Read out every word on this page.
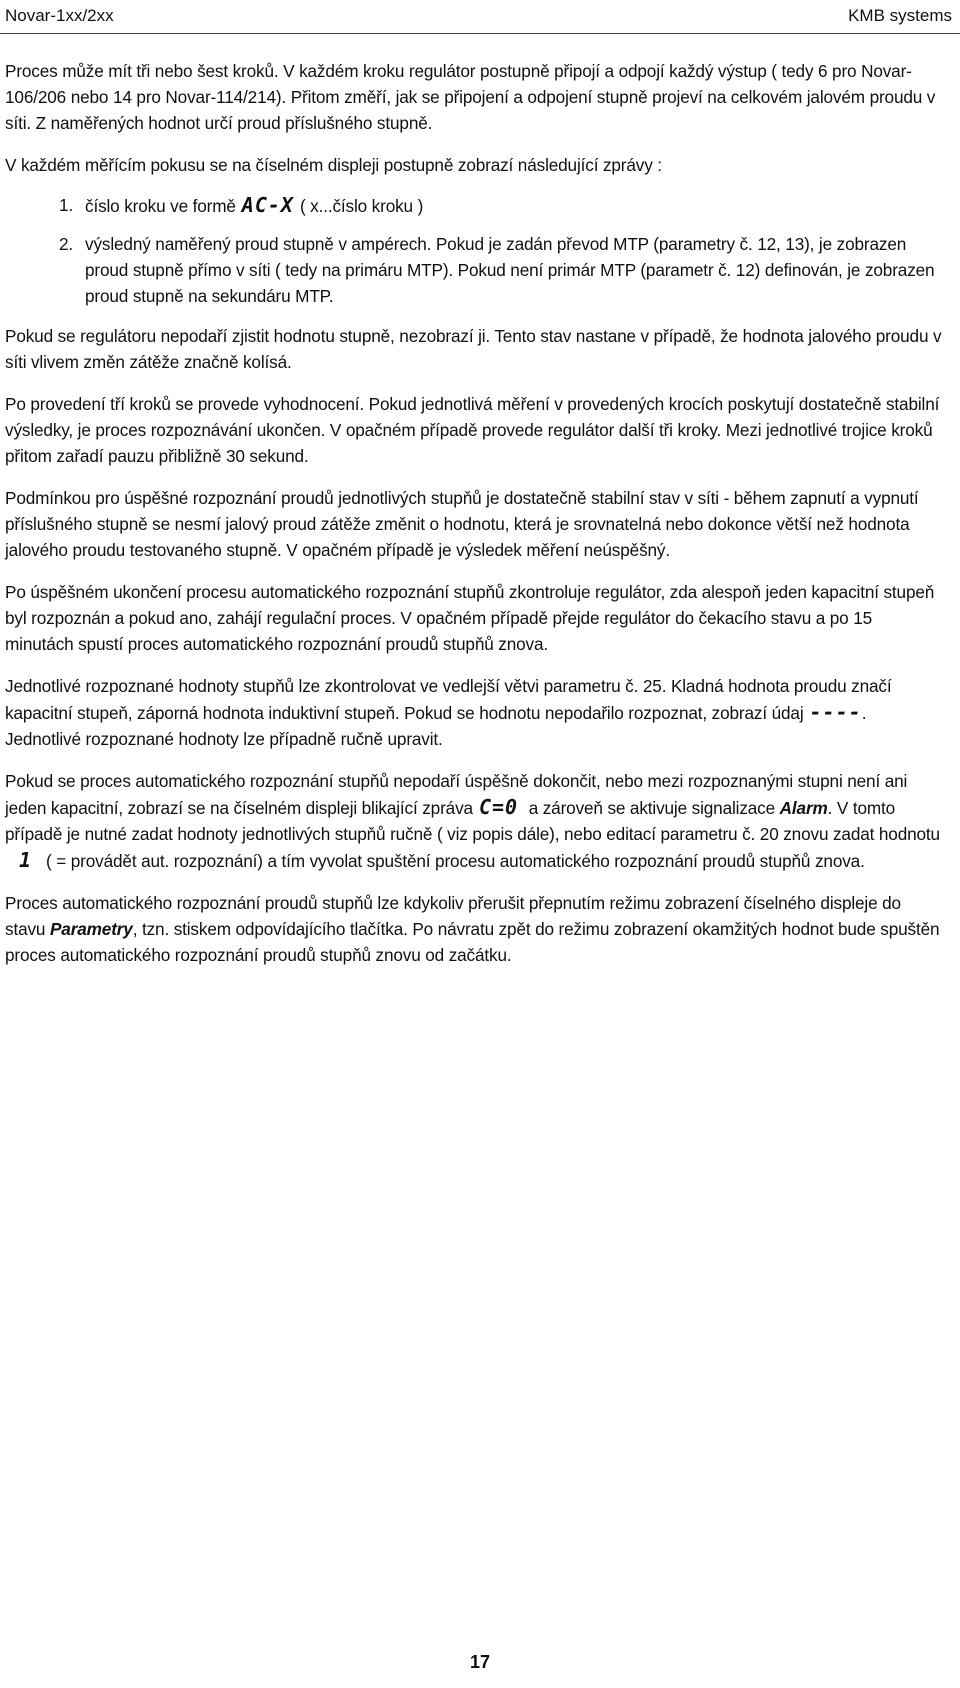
Novar-1xx/2xx	KMB systems

Proces může mít tři nebo šest kroků. V každém kroku regulátor postupně připojí a odpojí každý výstup ( tedy 6 pro Novar-106/206 nebo 14 pro Novar-114/214). Přitom změří, jak se připojení a odpojení stupně projeví na celkovém jalovém proudu v síti. Z naměřených hodnot určí proud příslušného stupně.

V každém měřícím pokusu se na číselném displeji postupně zobrazí následující zprávy :

1. číslo kroku ve formě AC-X ( x...číslo kroku )
2. výsledný naměřený proud stupně v ampérech. Pokud je zadán převod MTP (parametry č. 12, 13), je zobrazen proud stupně přímo v síti ( tedy na primáru MTP). Pokud není primár MTP (parametr č. 12) definován, je zobrazen proud stupně na sekundáru MTP.

Pokud se regulátoru nepodaří zjistit hodnotu stupně, nezobrazí ji. Tento stav nastane v případě, že hodnota jalového proudu v síti vlivem změn zátěže značně kolísá.

Po provedení tří kroků se provede vyhodnocení. Pokud jednotlivá měření v provedených krocích poskytují dostatečně stabilní výsledky, je proces rozpoznávání ukončen. V opačném případě provede regulátor další tři kroky. Mezi jednotlivé trojice kroků přitom zařadí pauzu přibližně 30 sekund.

Podmínkou pro úspěšné rozpoznání proudů jednotlivých stupňů je dostatečně stabilní stav v síti - během zapnutí a vypnutí příslušného stupně se nesmí jalový proud zátěže změnit o hodnotu, která je srovnatelná nebo dokonce větší než hodnota jalového proudu testovaného stupně. V opačném případě je výsledek měření neúspěšný.

Po úspěšném ukončení procesu automatického rozpoznání stupňů zkontroluje regulátor, zda alespoň jeden kapacitní stupeň byl rozpoznán a pokud ano, zahájí regulační proces. V opačném případě přejde regulátor do čekacího stavu a po 15 minutách spustí proces automatického rozpoznání proudů stupňů znova.

Jednotlivé rozpoznané hodnoty stupňů lze zkontrolovat ve vedlejší větvi parametru č. 25. Kladná hodnota proudu značí kapacitní stupeň, záporná hodnota induktivní stupeň. Pokud se hodnotu nepodařilo rozpoznat, zobrazí údaj ----. Jednotlivé rozpoznané hodnoty lze případně ručně upravit.

Pokud se proces automatického rozpoznání stupňů nepodaří úspěšně dokončit, nebo mezi rozpoznanými stupni není ani jeden kapacitní, zobrazí se na číselném displeji blikající zpráva C=0 a zároveň se aktivuje signalizace Alarm. V tomto případě je nutné zadat hodnoty jednotlivých stupňů ručně ( viz popis dále), nebo editací parametru č. 20 znovu zadat hodnotu1 ( = provádět aut. rozpoznání) a tím vyvolat spuštění procesu automatického rozpoznání proudů stupňů znova.

Proces automatického rozpoznání proudů stupňů lze kdykoliv přerušit přepnutím režimu zobrazení číselného displeje do stavu Parametry, tzn. stiskem odpovídajícího tlačítka. Po návratu zpět do režimu zobrazení okamžitých hodnot bude spuštěn proces automatického rozpoznání proudů stupňů znovu od začátku.

17
